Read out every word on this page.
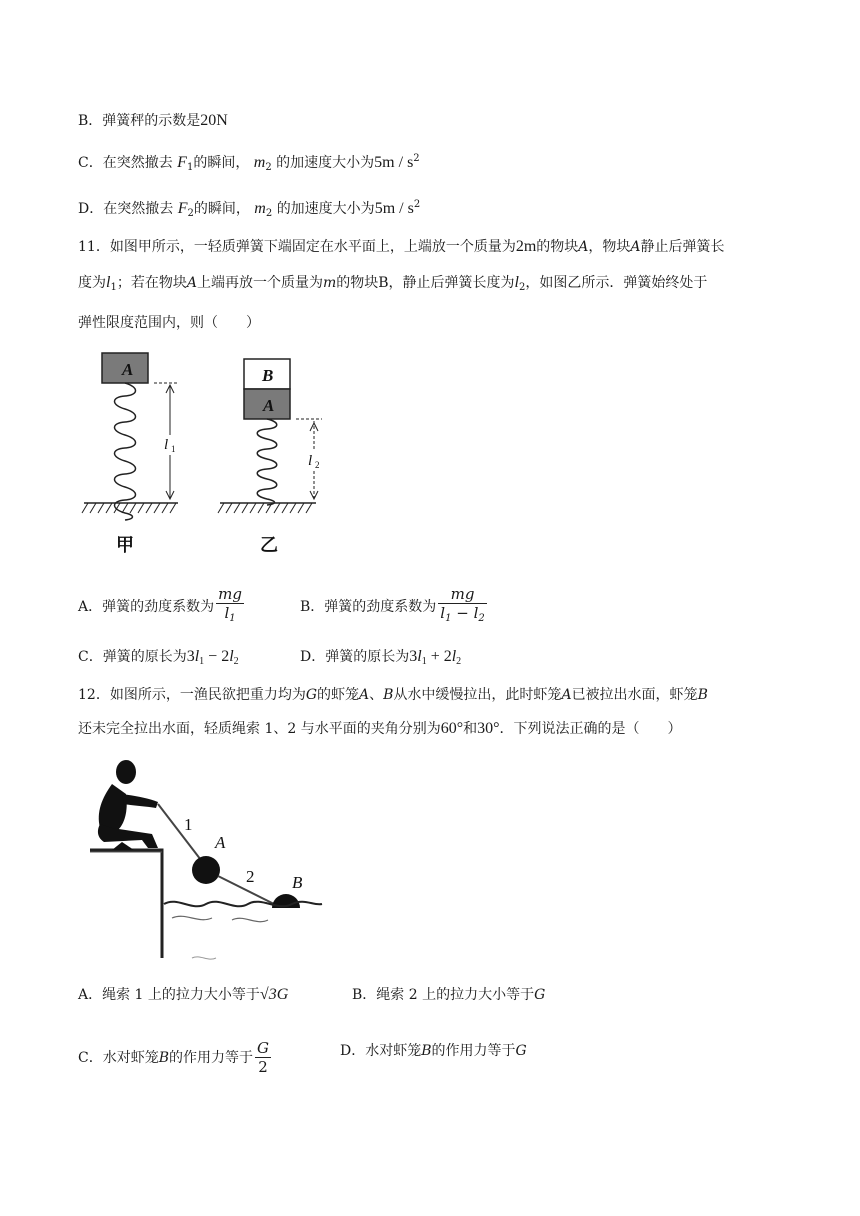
B．弹簧秤的示数是20N
C．在突然撤去 $F_1$的瞬间， $m_2$ 的加速度大小为$5m / s^2$
D．在突然撤去 $F_2$的瞬间， $m_2$ 的加速度大小为$5m / s^2$
11．如图甲所示，一轻质弹簧下端固定在水平面上，上端放一个质量为2m的物块A，物块A静止后弹簧长
度为$l_1$；若在物块A上端再放一个质量为m的物块B，静止后弹簧长度为$l_2$，如图乙所示．弹簧始终处于
弹性限度范围内，则（　　）
A
l 1
甲
B
A
l 2
乙
A．弹簧的劲度系数为 $\frac{mg}{l_1}$	B．弹簧的劲度系数为 $\frac{mg}{l_1 - l_2}$
C．弹簧的原长为$3l_1 - 2l_2$	D．弹簧的原长为$3l_1 + 2l_2$
12．如图所示，一渔民欲把重力均为G的虾笼A、B从水中缓慢拉出，此时虾笼A已被拉出水面，虾笼B
还未完全拉出水面，轻质绳索 1、2 与水平面的夹角分别为60°和30°．下列说法正确的是（　　）
1
A
2 B
A．绳索 1 上的拉力大小等于√3G	B．绳索 2 上的拉力大小等于G
C．水对虾笼B的作用力等于 $\frac{G}{2}$	D．水对虾笼B的作用力等于G
